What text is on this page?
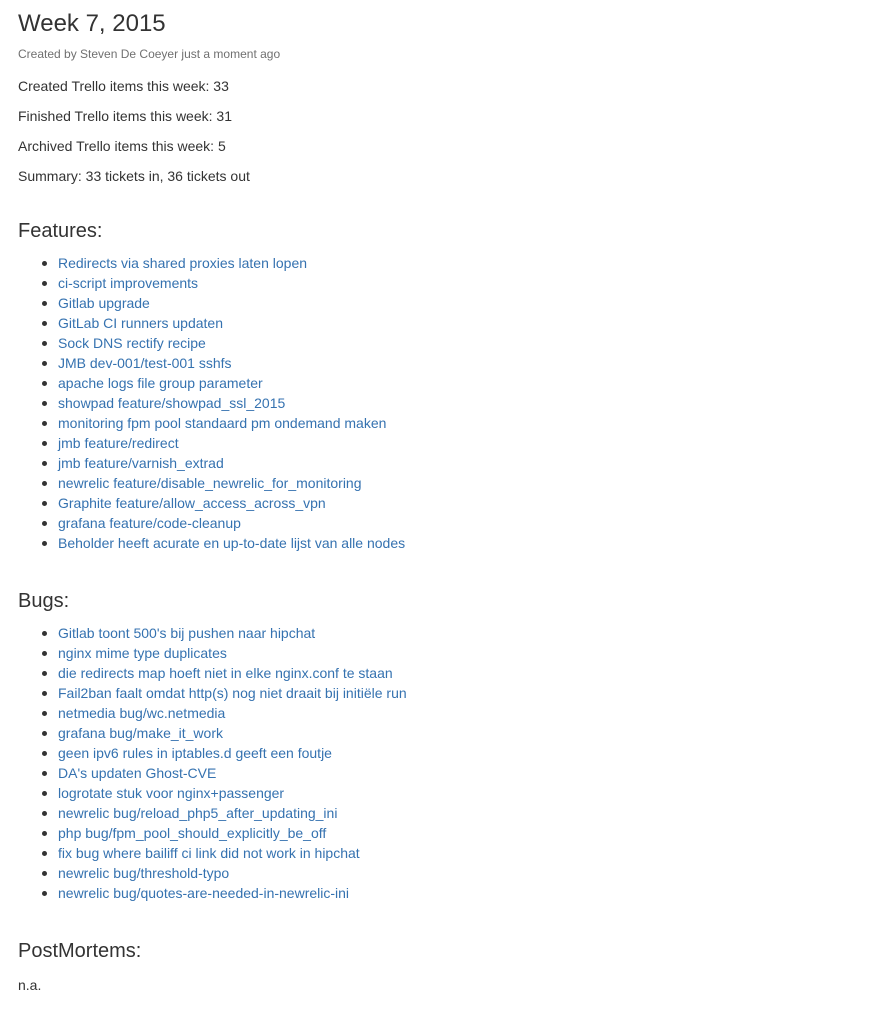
Week 7, 2015
Created by Steven De Coeyer just a moment ago

Created Trello items this week: 33

Finished Trello items this week: 31

Archived Trello items this week: 5

Summary: 33 tickets in, 36 tickets out

Features:
Redirects via shared proxies laten lopen
ci-script improvements
Gitlab upgrade
GitLab CI runners updaten
Sock DNS rectify recipe
JMB dev-001/test-001 sshfs
apache logs file group parameter
showpad feature/showpad_ssl_2015
monitoring fpm pool standaard pm ondemand maken
jmb feature/redirect
jmb feature/varnish_extrad
newrelic feature/disable_newrelic_for_monitoring
Graphite feature/allow_access_across_vpn
grafana feature/code-cleanup
Beholder heeft acurate en up-to-date lijst van alle nodes
Bugs:
Gitlab toont 500's bij pushen naar hipchat
nginx mime type duplicates
die redirects map hoeft niet in elke nginx.conf te staan
Fail2ban faalt omdat http(s) nog niet draait bij initiële run
netmedia bug/wc.netmedia
grafana bug/make_it_work
geen ipv6 rules in iptables.d geeft een foutje
DA's updaten Ghost-CVE
logrotate stuk voor nginx+passenger
newrelic bug/reload_php5_after_updating_ini
php bug/fpm_pool_should_explicitly_be_off
fix bug where bailiff ci link did not work in hipchat
newrelic bug/threshold-typo
newrelic bug/quotes-are-needed-in-newrelic-ini
PostMortems:
n.a.
